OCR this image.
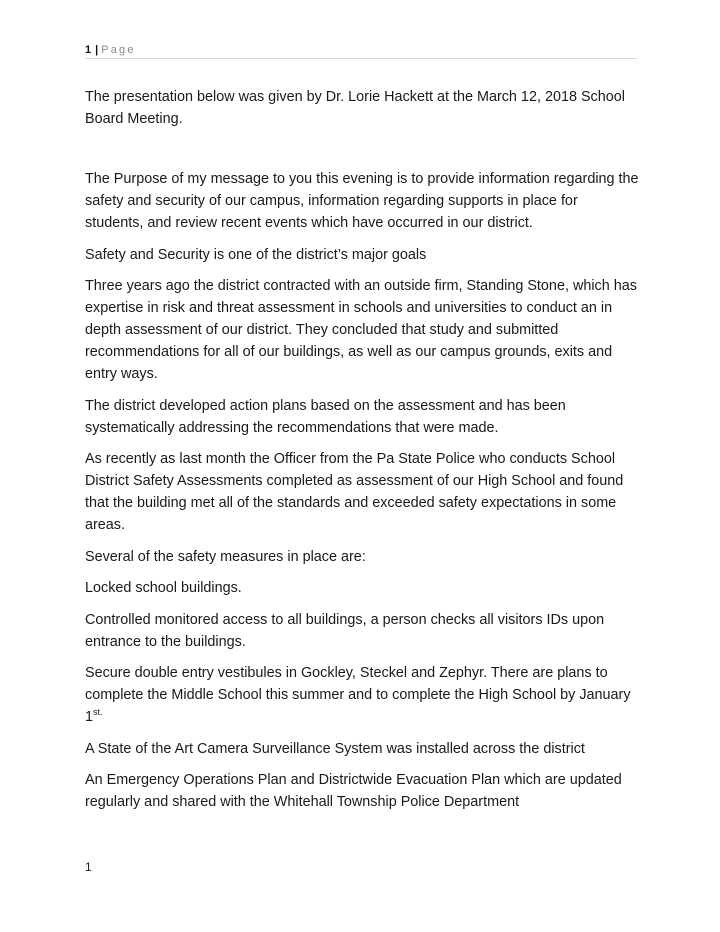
1 | Page

The presentation below was given by Dr. Lorie Hackett at the March 12, 2018 School Board Meeting.

The Purpose of my message to you this evening is to provide information regarding the safety and security of our campus, information regarding supports in place for students, and review recent events which have occurred in our district.

Safety and Security is one of the district’s major goals

Three years ago the district contracted with an outside firm, Standing Stone, which has expertise in risk and threat assessment in schools and universities to conduct an in depth assessment of our district. They concluded that study and submitted recommendations for all of our buildings, as well as our campus grounds, exits and entry ways.

The district developed action plans based on the assessment and has been systematically addressing the recommendations that were made.

As recently as last month the Officer from the Pa State Police who conducts School District Safety Assessments completed as assessment of our High School and found that the building met all of the standards and exceeded safety expectations in some areas.

Several of the safety measures in place are:

Locked school buildings.

Controlled monitored access to all buildings, a person checks all visitors IDs upon entrance to the buildings.

Secure double entry vestibules in Gockley, Steckel and Zephyr. There are plans to complete the Middle School this summer and to complete the High School by January $1^{st.}$

A State of the Art Camera Surveillance System was installed across the district

An Emergency Operations Plan and Districtwide Evacuation Plan which are updated regularly and shared with the Whitehall Township Police Department

1
